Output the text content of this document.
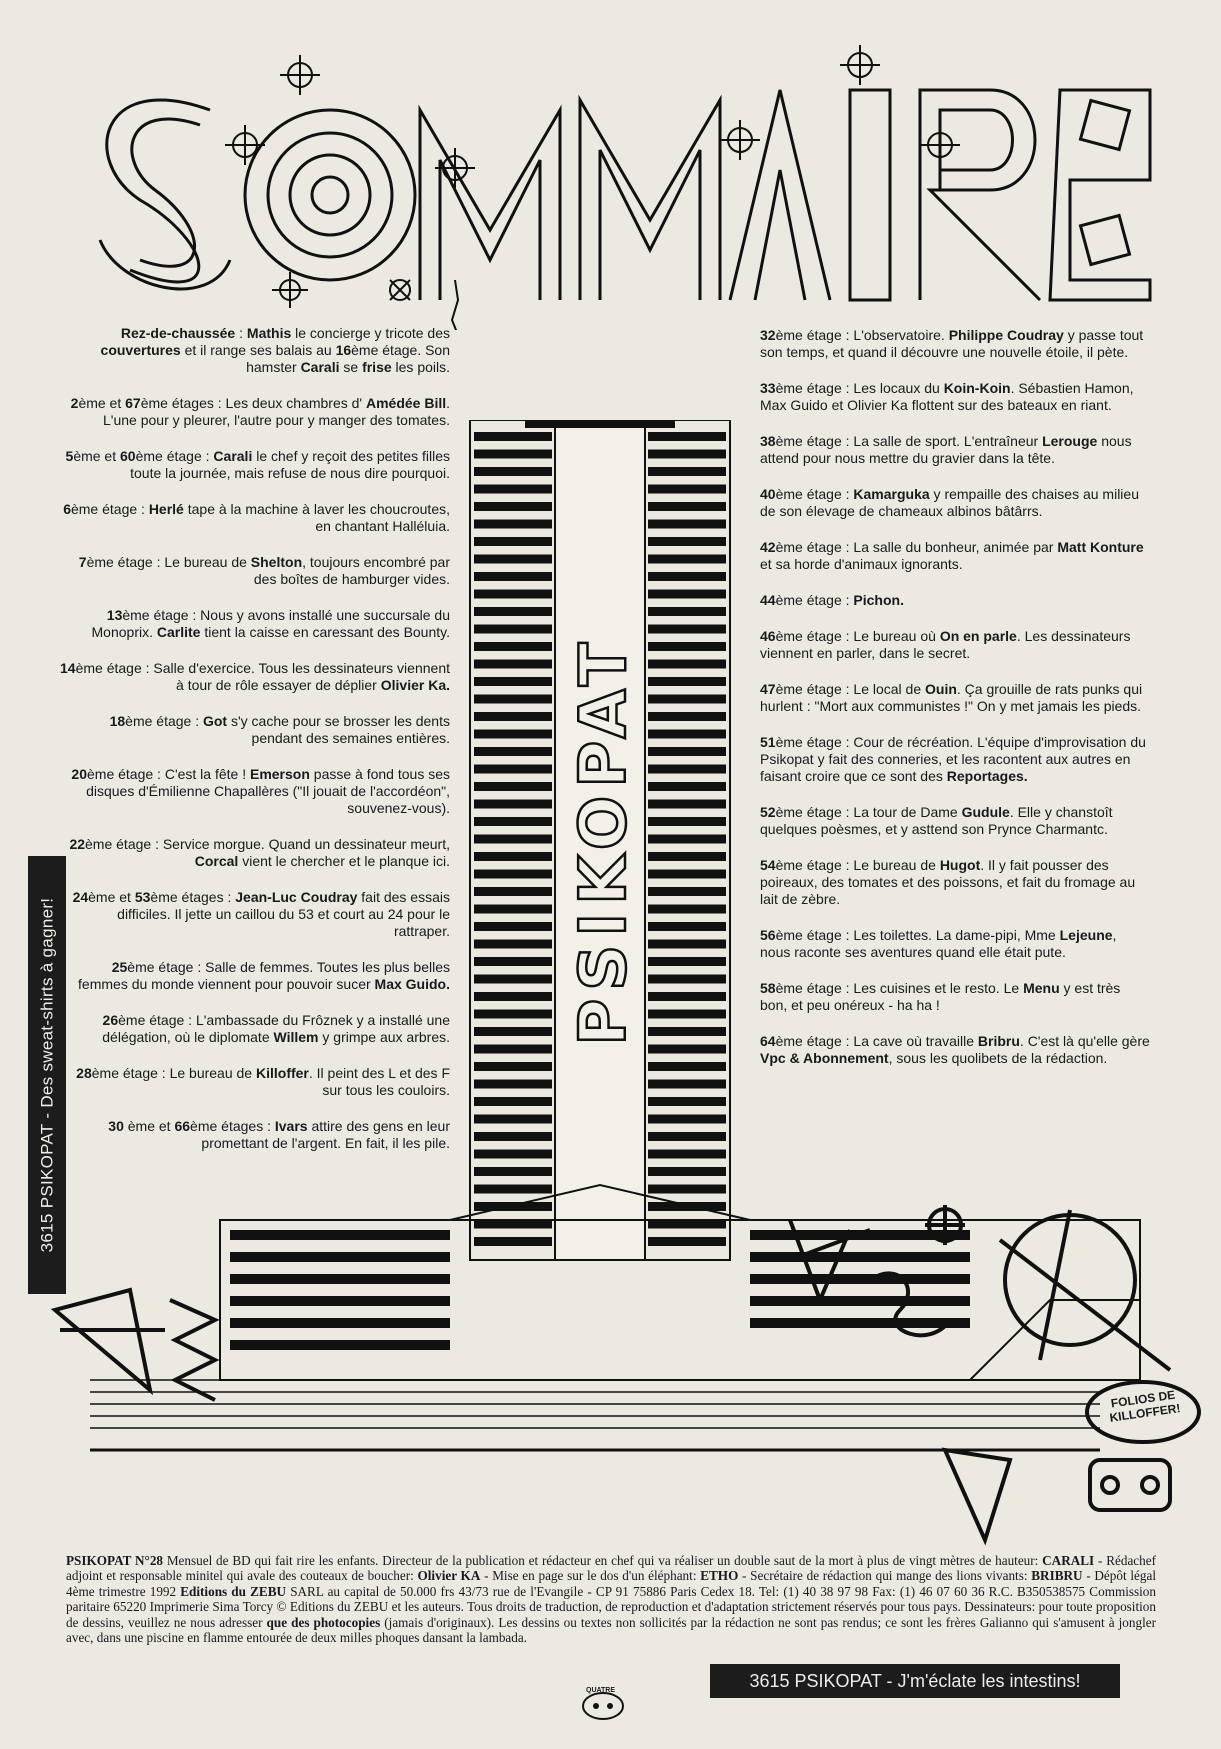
PSIKOPAT

Rez-de-chaussée : Mathis le concierge y tricote des couvertures et il range ses balais au 16ème étage. Son hamster Carali se frise les poils.

2ème et 67ème étages : Les deux chambres d' Amédée Bill. L'une pour y pleurer, l'autre pour y manger des tomates.

5ème et 60ème étage : Carali le chef y reçoit des petites filles toute la journée, mais refuse de nous dire pourquoi.

6ème étage : Herlé tape à la machine à laver les choucroutes, en chantant Halléluia.

7ème étage : Le bureau de Shelton, toujours encombré par des boîtes de hamburger vides.

13ème étage : Nous y avons installé une succursale du Monoprix. Carlite tient la caisse en caressant des Bounty.

14ème étage : Salle d'exercice. Tous les dessinateurs viennent à tour de rôle essayer de déplier Olivier Ka.

18ème étage : Got s'y cache pour se brosser les dents pendant des semaines entières.

20ème étage : C'est la fête ! Emerson passe à fond tous ses disques d'Émilienne Chapallères ("Il jouait de l'accordéon", souvenez-vous).

22ème étage : Service morgue. Quand un dessinateur meurt, Corcal vient le chercher et le planque ici.

24ème et 53ème étages : Jean-Luc Coudray fait des essais difficiles. Il jette un caillou du 53 et court au 24 pour le rattraper.

25ème étage : Salle de femmes. Toutes les plus belles femmes du monde viennent pour pouvoir sucer Max Guido.

26ème étage : L'ambassade du Frôznek y a installé une délégation, où le diplomate Willem y grimpe aux arbres.

28ème étage : Le bureau de Killoffer. Il peint des L et des F sur tous les couloirs.

30 ème et 66ème étages : Ivars attire des gens en leur promettant de l'argent. En fait, il les pile.

32ème étage : L'observatoire. Philippe Coudray y passe tout son temps, et quand il découvre une nouvelle étoile, il pète.

33ème étage : Les locaux du Koin-Koin. Sébastien Hamon, Max Guido et Olivier Ka flottent sur des bateaux en riant.

38ème étage : La salle de sport. L'entraîneur Lerouge nous attend pour nous mettre du gravier dans la tête.

40ème étage : Kamarguka y rempaille des chaises au milieu de son élevage de chameaux albinos bâtârrs.

42ème étage : La salle du bonheur, animée par Matt Konture et sa horde d'animaux ignorants.

44ème étage : Pichon.

46ème étage : Le bureau où On en parle. Les dessinateurs viennent en parler, dans le secret.

47ème étage : Le local de Ouin. Ça grouille de rats punks qui hurlent : "Mort aux communistes !" On y met jamais les pieds.

51ème étage : Cour de récréation. L'équipe d'improvisation du Psikopat y fait des conneries, et les racontent aux autres en faisant croire que ce sont des Reportages.

52ème étage : La tour de Dame Gudule. Elle y chanstoît quelques poèsmes, et y asttend son Prynce Charmantc.

54ème étage : Le bureau de Hugot. Il y fait pousser des poireaux, des tomates et des poissons, et fait du fromage au lait de zèbre.

56ème étage : Les toilettes. La dame-pipi, Mme Lejeune, nous raconte ses aventures quand elle était pute.

58ème étage : Les cuisines et le resto. Le Menu y est très bon, et peu onéreux - ha ha !

64ème étage : La cave où travaille Bribru. C'est là qu'elle gère Vpc & Abonnement, sous les quolibets de la rédaction.

3615 PSIKOPAT - Des sweat-shirts à gagner!
FOLIOS DE KILLOFFER!
PSIKOPAT N°28 Mensuel de BD qui fait rire les enfants. Directeur de la publication et rédacteur en chef qui va réaliser un double saut de la mort à plus de vingt mètres de hauteur: CARALI - Rédachef adjoint et responsable minitel qui avale des couteaux de boucher: Olivier KA - Mise en page sur le dos d'un éléphant: ETHO - Secrétaire de rédaction qui mange des lions vivants: BRIBRU - Dépôt légal 4ème trimestre 1992 Editions du ZEBU SARL au capital de 50.000 frs 43/73 rue de l'Evangile - CP 91 75886 Paris Cedex 18. Tel: (1) 40 38 97 98 Fax: (1) 46 07 60 36 R.C. B350538575 Commission paritaire 65220 Imprimerie Sima Torcy © Editions du ZEBU et les auteurs. Tous droits de traduction, de reproduction et d'adaptation strictement réservés pour tous pays. Dessinateurs: pour toute proposition de dessins, veuillez ne nous adresser que des photocopies (jamais d'originaux). Les dessins ou textes non sollicités par la rédaction ne sont pas rendus; ce sont les frères Galianno qui s'amusent à jongler avec, dans une piscine en flamme entourée de deux milles phoques dansant la lambada.
QUATRE	3615 PSIKOPAT - J'm'éclate les intestins!
